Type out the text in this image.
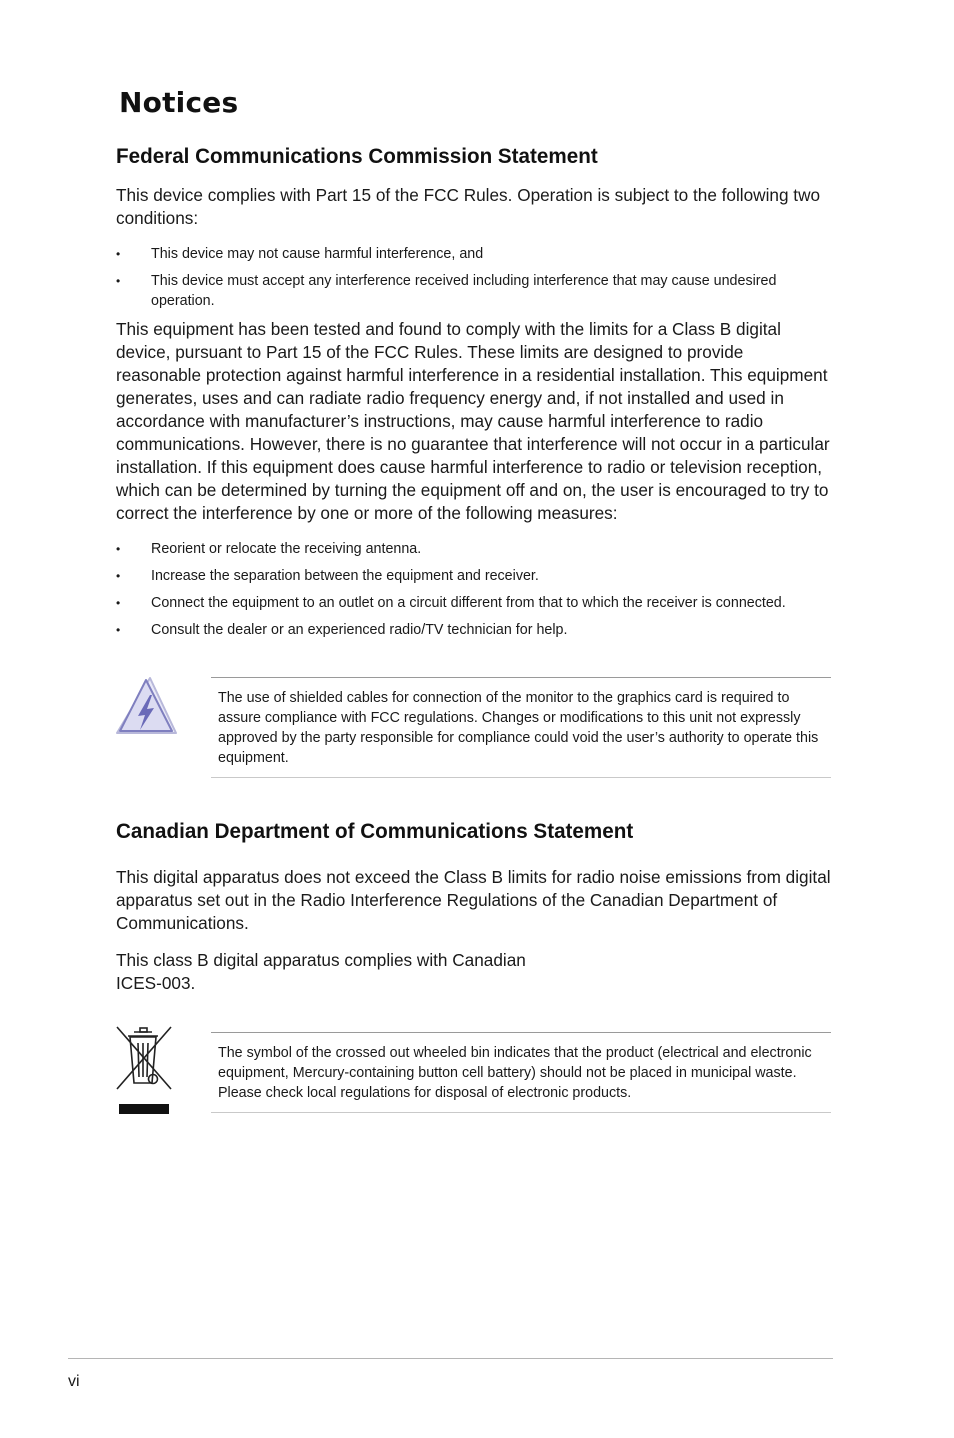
Notices
Federal Communications Commission Statement

This device complies with Part 15 of the FCC Rules. Operation is subject to the following two conditions:

• This device may not cause harmful interference, and
• This device must accept any interference received including interference that may cause undesired operation.

This equipment has been tested and found to comply with the limits for a Class B digital device, pursuant to Part 15 of the FCC Rules. These limits are designed to provide reasonable protection against harmful interference in a residential installation. This equipment generates, uses and can radiate radio frequency energy and, if not installed and used in accordance with manufacturer’s instructions, may cause harmful interference to radio communications. However, there is no guarantee that interference will not occur in a particular installation. If this equipment does cause harmful interference to radio or television reception, which can be determined by turning the equipment off and on, the user is encouraged to try to correct the interference by one or more of the following measures:

• Reorient or relocate the receiving antenna.
• Increase the separation between the equipment and receiver.
• Connect the equipment to an outlet on a circuit different from that to which the receiver is connected.
• Consult the dealer or an experienced radio/TV technician for help.

The use of shielded cables for connection of the monitor to the graphics card is required to assure compliance with FCC regulations. Changes or modifications to this unit not expressly approved by the party responsible for compliance could void the user’s authority to operate this equipment.

Canadian Department of Communications Statement

This digital apparatus does not exceed the Class B limits for radio noise emissions from digital apparatus set out in the Radio Interference Regulations of the Canadian Department of Communications.

This class B digital apparatus complies with Canadian
ICES-003.

The symbol of the crossed out wheeled bin indicates that the product (electrical and electronic equipment, Mercury-containing button cell battery) should not be placed in municipal waste. Please check local regulations for disposal of electronic products.

vi
